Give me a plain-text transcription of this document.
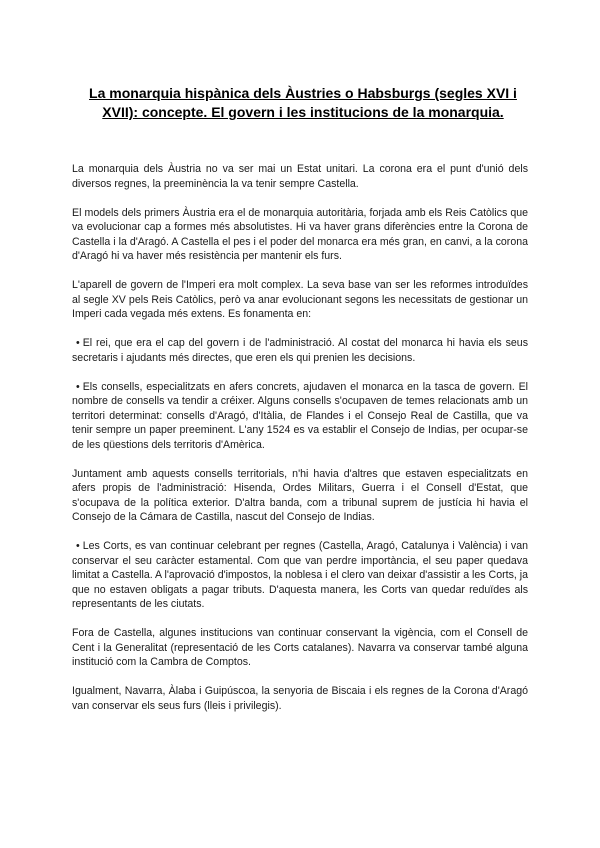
La monarquia hispànica dels Àustries o Habsburgs (segles XVI i XVII): concepte. El govern i les institucions de la monarquia.

La monarquia dels Àustria no va ser mai un Estat unitari. La corona era el punt d'unió dels diversos regnes, la preeminència la va tenir sempre Castella.

El models dels primers Àustria era el de monarquia autoritària, forjada amb els Reis Catòlics que va evolucionar cap a formes més absolutistes. Hi va haver grans diferències entre la Corona de Castella i la d'Aragó. A Castella el pes i el poder del monarca era més gran, en canvi, a la corona d'Aragó hi va haver més resistència per mantenir els furs.

L'aparell de govern de l'Imperi era molt complex. La seva base van ser les reformes introduïdes al segle XV pels Reis Catòlics, però va anar evolucionant segons les necessitats de gestionar un Imperi cada vegada més extens. Es fonamenta en:

• El rei, que era el cap del govern i de l'administració. Al costat del monarca hi havia els seus secretaris i ajudants més directes, que eren els qui prenien les decisions.

• Els consells, especialitzats en afers concrets, ajudaven el monarca en la tasca de govern. El nombre de consells va tendir a créixer. Alguns consells s'ocupaven de temes relacionats amb un territori determinat: consells d'Aragó, d'Itàlia, de Flandes i el Consejo Real de Castilla, que va tenir sempre un paper preeminent. L'any 1524 es va establir el Consejo de Indias, per ocupar-se de les qüestions dels territoris d'Amèrica.

Juntament amb aquests consells territorials, n'hi havia d'altres que estaven especialitzats en afers propis de l'administració: Hisenda, Ordes Militars, Guerra i el Consell d'Estat, que s'ocupava de la política exterior. D'altra banda, com a tribunal suprem de justícia hi havia el Consejo de la Cámara de Castilla, nascut del Consejo de Indias.

• Les Corts, es van continuar celebrant per regnes (Castella, Aragó, Catalunya i València) i van conservar el seu caràcter estamental. Com que van perdre importància, el seu paper quedava limitat a Castella. A l'aprovació d'impostos, la noblesa i el clero van deixar d'assistir a les Corts, ja que no estaven obligats a pagar tributs. D'aquesta manera, les Corts van quedar reduïdes als representants de les ciutats.

Fora de Castella, algunes institucions van continuar conservant la vigència, com el Consell de Cent i la Generalitat (representació de les Corts catalanes). Navarra va conservar també alguna institució com la Cambra de Comptos.

Igualment, Navarra, Àlaba i Guipúscoa, la senyoria de Biscaia i els regnes de la Corona d'Aragó van conservar els seus furs (lleis i privilegis).
